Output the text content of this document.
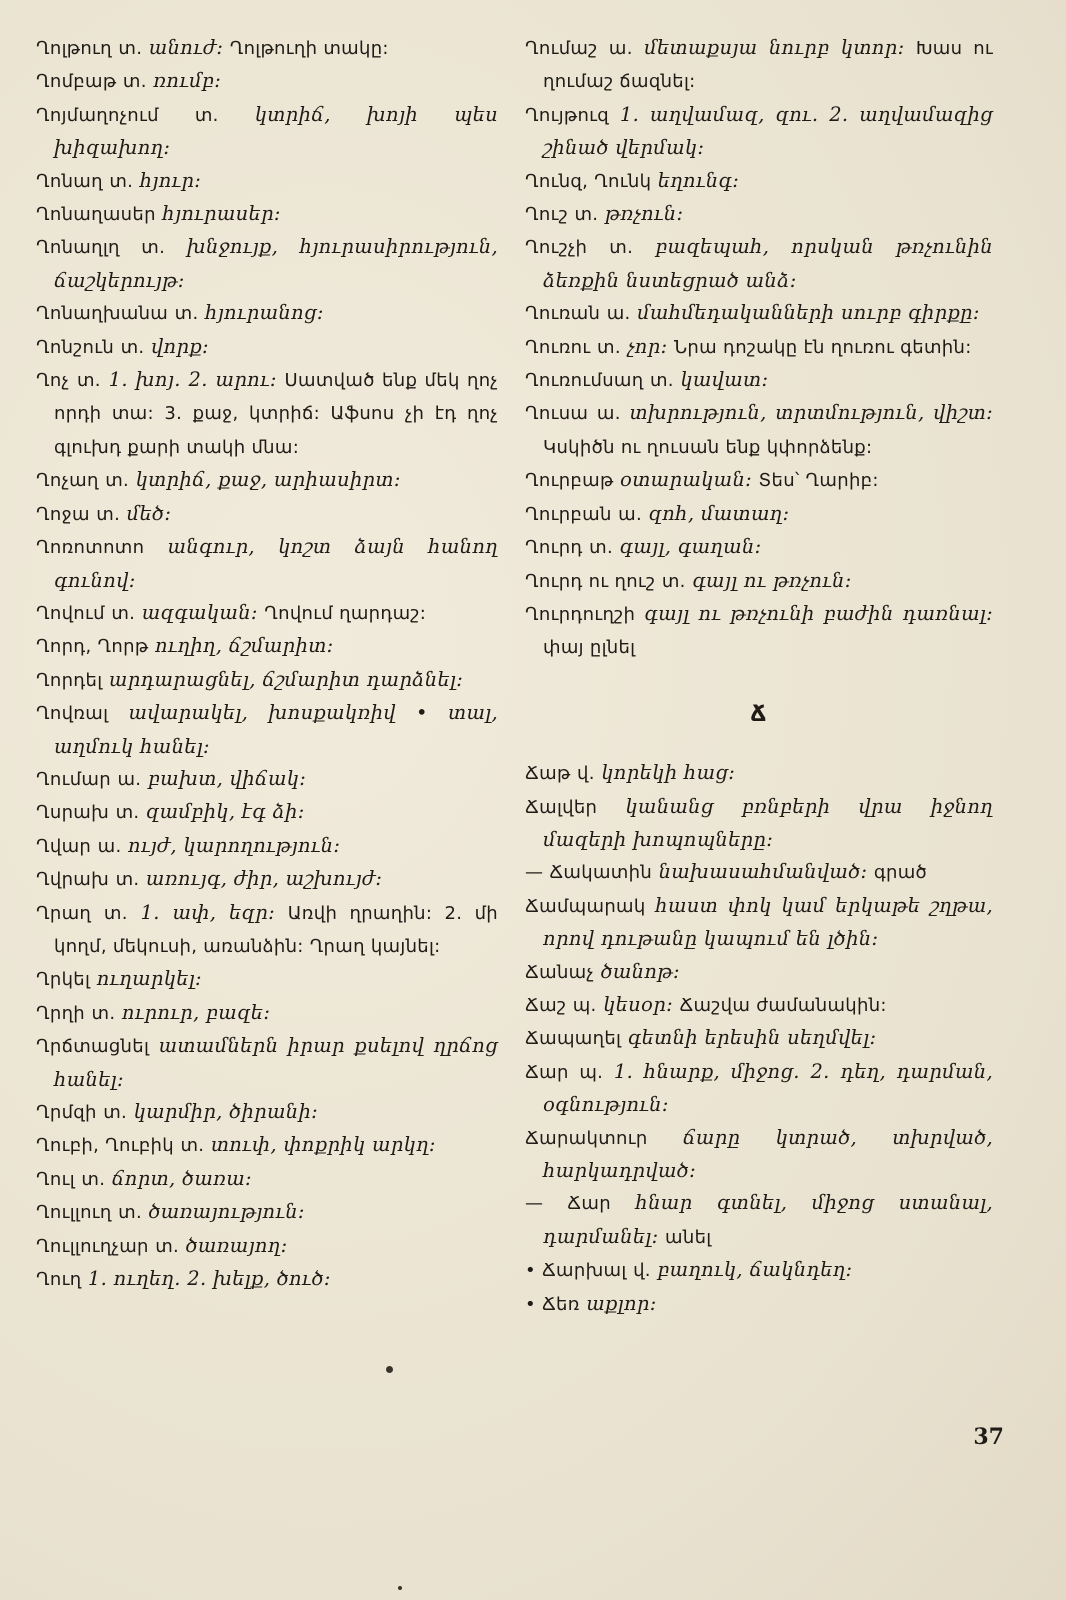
Ղոլթուղ տ. անուժ: Ղոլթուղի տակը:

Ղոմբաթ տ. ռումբ:

Ղոյմաղոչում տ. կտրիճ, խոյի պես խիզախող:

Ղոնաղ տ. հյուր:

Ղոնաղասեր հյուրասեր:

Ղոնաղլղ տ. խնջույք, հյուրասիրություն, ճաշկերույթ:

Ղոնաղխանա տ. հյուրանոց:

Ղոնշուն տ. վորք:

Ղոչ տ. 1. խոյ. 2. արու: Սատված ենք մեկ ղոչ որդի տա: 3. քաջ, կտրիճ: Աֆսոս չի էդ ղոչ գլուխդ քարի տակի մնա:

Ղոչաղ տ. կտրիճ, քաջ, արիասիրտ:

Ղոջա տ. մեծ:

Ղոռոտոտո անգուր, կոշտ ձայն հանող գունով:

Ղովում տ. ազգական: Ղովում ղարդաշ:

Ղորդ, Ղորթ ուղիղ, ճշմարիտ:

Ղորդել արդարացնել, ճշմարիտ դարձնել:

Ղովռալ ավարակել, խոսքակռիվ • տալ, աղմուկ հանել:

Ղումար ա. բախտ, վիճակ:

Ղսրախ տ. զամբիկ, էգ ձի:

Ղվար ա. ույժ, կարողություն:

Ղվրախ տ. առույգ, ժիր, աշխույժ:

Ղրաղ տ. 1. ափ, եզր: Առվի ղրաղին: 2. մի կողմ, մեկուսի, առանձին: Ղրաղ կայնել:

Ղրկել ուղարկել:

Ղրղի տ. ուրուր, բազե:

Ղրճտացնել ատամներն իրար քսելով ղրճոց հանել:

Ղրմզի տ. կարմիր, ծիրանի:

Ղուբի, Ղուբիկ տ. տուփ, փոքրիկ արկղ:

Ղուլ տ. ճորտ, ծառա:

Ղուլլուղ տ. ծառայություն:

Ղուլլուղչար տ. ծառայող:

Ղուղ 1. ուղեղ. 2. խելք, ծուծ:

Ղումաշ ա. մետաքսյա նուրբ կտոր: Խաս ու ղումաշ ճազնել:

Ղույթուզ 1. աղվամազ, զու. 2. աղվամազից շինած վերմակ:

Ղունզ, Ղունկ եղունգ:

Ղուշ տ. թռչուն:

Ղուշչի տ. բազեպահ, որսկան թռչունին ձեռքին նստեցրած անձ:

Ղուռան ա. մահմեդականների սուրբ գիրքը:

Ղուռու տ. չոր: Նրա դոշակը էն ղուռու գետին:

Ղուռումսաղ տ. կավատ:

Ղուսա ա. տխրություն, տրտմություն, վիշտ: Կսկիծն ու ղուսան ենք կփորձենք:

Ղուրբաթ օտարական: Տես՝ Ղարիբ:

Ղուրբան ա. զոհ, մատաղ:

Ղուրդ տ. գայլ, գաղան:

Ղուրդ ու ղուշ տ. գայլ ու թռչուն:

Ղուրդուղշի գայլ ու թռչունի բաժին դառնալ: փայ ըլնել

Ճ

Ճաթ վ. կորեկի հաց:

Ճալվեր կանանց բռնբերի վրա իջնող մազերի խոպոպները:

— Ճակատին նախասահմանված: գրած

Ճամպարակ հաստ փոկ կամ երկաթե շղթա, որով դութանը կապում են լծին:

Ճանաչ ծանոթ:

Ճաշ պ. կեսօր: Ճաշվա ժամանակին:

Ճապաղել գետնի երեսին սեղմվել:

Ճար պ. 1. հնարք, միջոց. 2. դեղ, դարման, օգնություն:

Ճարակտուր ճարը կտրած, տխրված, հարկադրված:

— Ճար հնար գտնել, միջոց ստանալ, դարմանել: անել

• Ճարխալ վ. բաղուկ, ճակնդեղ:

• Ճեռ աքլոր:

37
